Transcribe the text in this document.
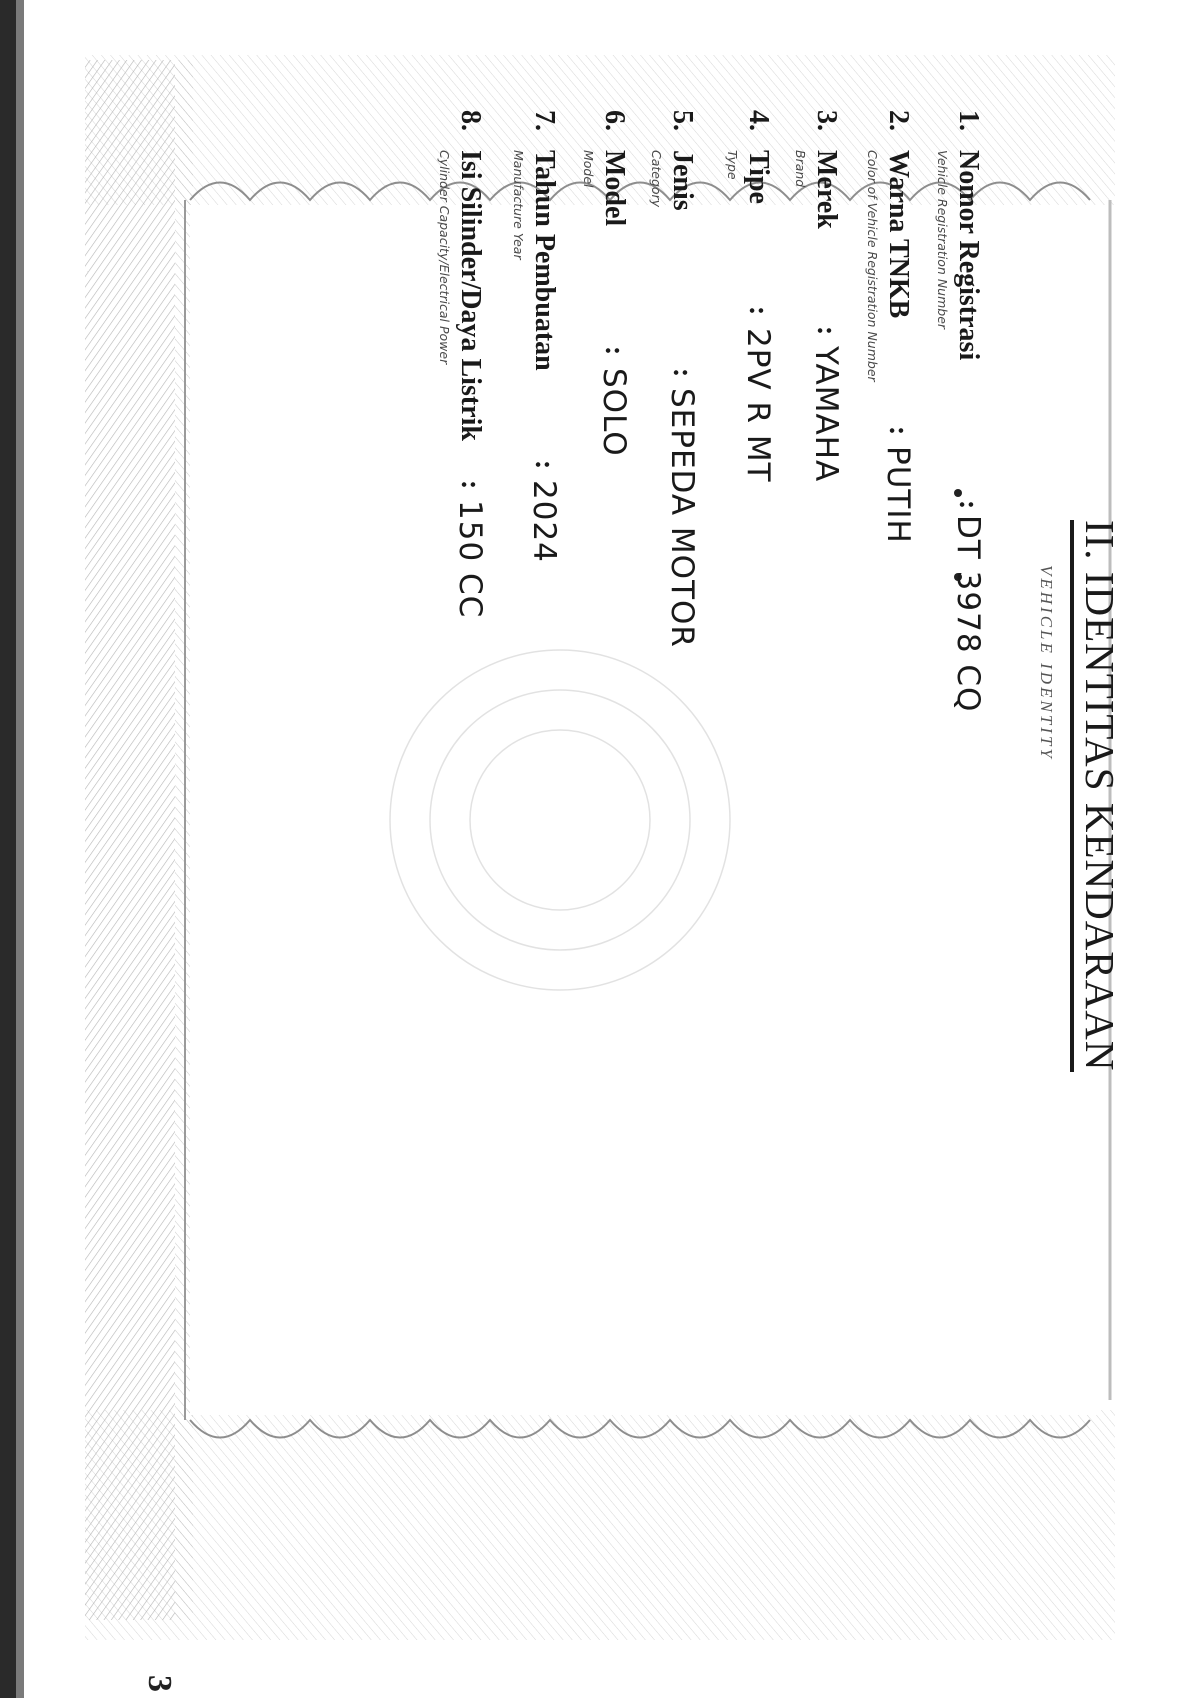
II. IDENTITAS KENDARAAN
VEHICLE IDENTITY
1.
Nomor Registrasi
Vehicle Registration Number
:
DT 3978 CQ
2.
Warna TNKB
Color of Vehicle Registration Number
:
PUTIH
3.
Merek
Brand
:
YAMAHA
4.
Tipe
Type
:
2PV R MT
5.
Jenis
Category
:
SEPEDA MOTOR
6.
Model
Model
:
SOLO
7.
Tahun Pembuatan
Manufacture Year
:
2024
8.
Isi Silinder/Daya Listrik
Cylinder Capacity/Electrical Power
:
150 CC
3
